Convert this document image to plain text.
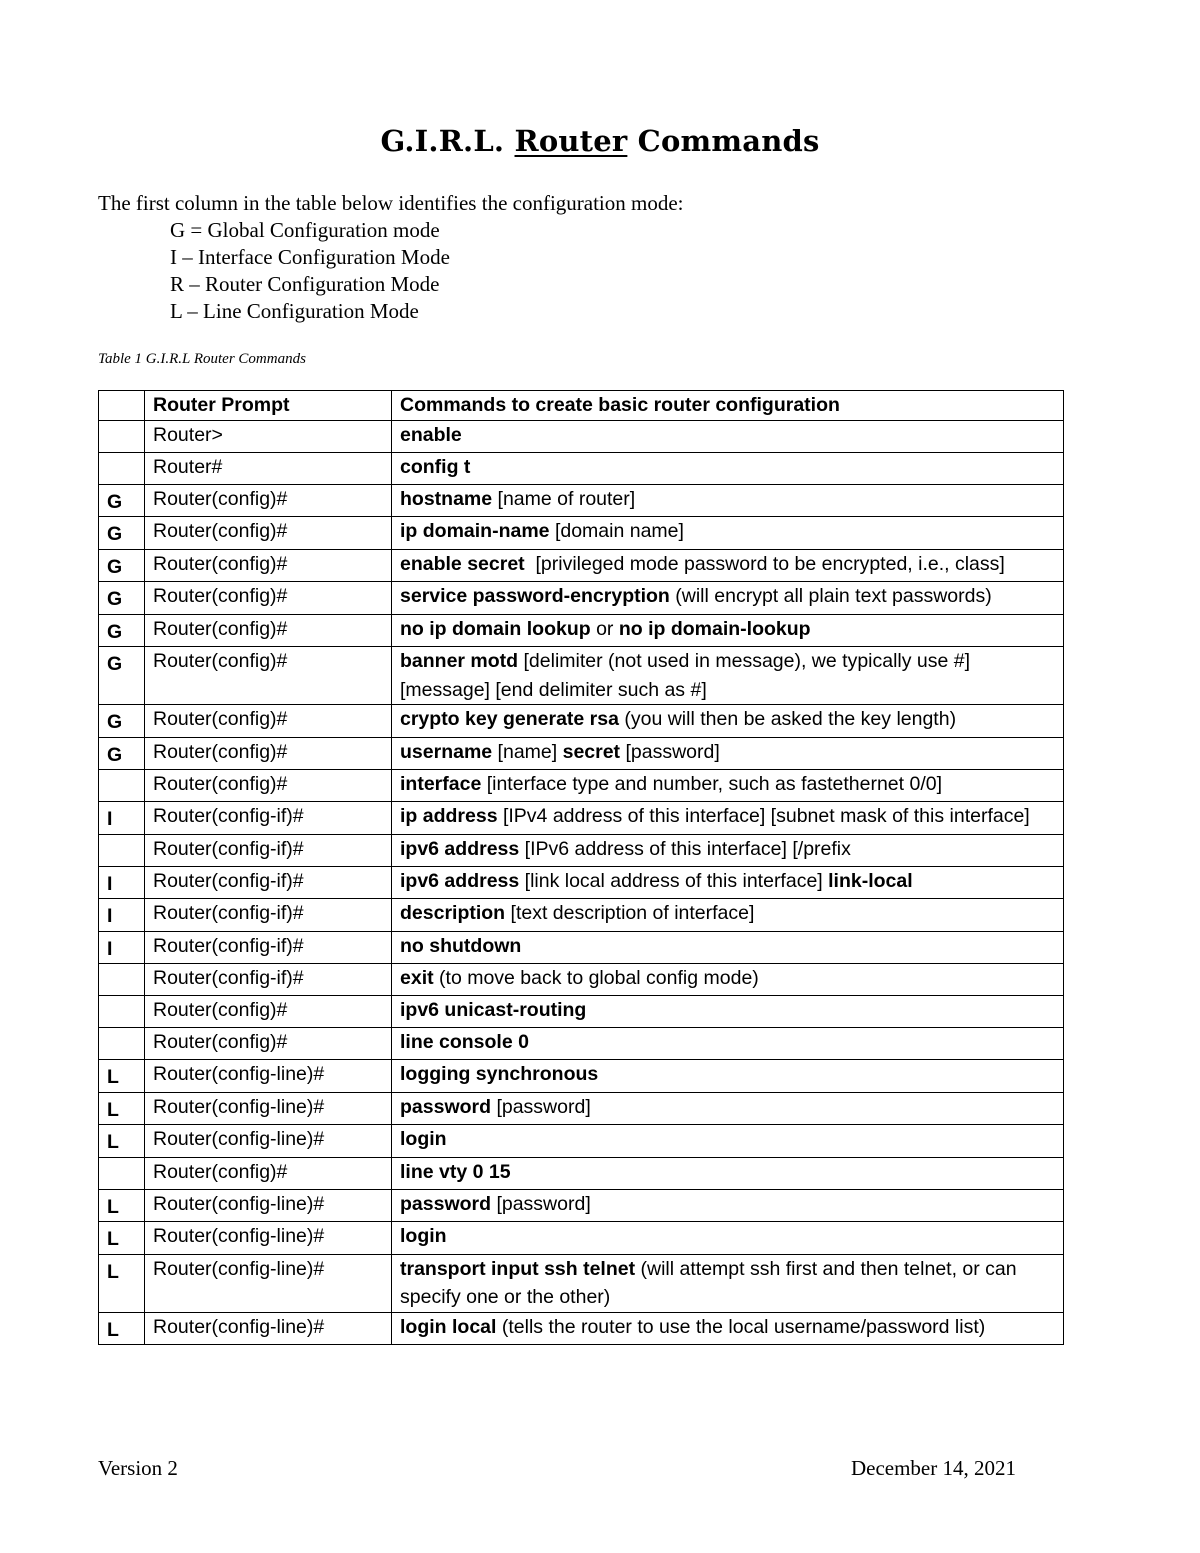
G.I.R.L. Router Commands
The first column in the table below identifies the configuration mode:
G = Global Configuration mode
I – Interface Configuration Mode
R – Router Configuration Mode
L – Line Configuration Mode
Table 1 G.I.R.L Router Commands
	Router Prompt	Commands to create basic router configuration
	Router>	enable
	Router#	config t
G	Router(config)#	hostname [name of router]
G	Router(config)#	ip domain-name [domain name]
G	Router(config)#	enable secret  [privileged mode password to be encrypted, i.e., class]
G	Router(config)#	service password-encryption (will encrypt all plain text passwords)
G	Router(config)#	no ip domain lookup or no ip domain-lookup
G	Router(config)#	banner motd [delimiter (not used in message), we typically use #] [message] [end delimiter such as #]
G	Router(config)#	crypto key generate rsa (you will then be asked the key length)
G	Router(config)#	username [name] secret [password]
	Router(config)#	interface [interface type and number, such as fastethernet 0/0]
I	Router(config-if)#	ip address [IPv4 address of this interface] [subnet mask of this interface]
	Router(config-if)#	ipv6 address [IPv6 address of this interface] [/prefix
I	Router(config-if)#	ipv6 address [link local address of this interface] link-local
I	Router(config-if)#	description [text description of interface]
I	Router(config-if)#	no shutdown
	Router(config-if)#	exit (to move back to global config mode)
	Router(config)#	ipv6 unicast-routing
	Router(config)#	line console 0
L	Router(config-line)#	logging synchronous
L	Router(config-line)#	password [password]
L	Router(config-line)#	login
	Router(config)#	line vty 0 15
L	Router(config-line)#	password [password]
L	Router(config-line)#	login
L	Router(config-line)#	transport input ssh telnet (will attempt ssh first and then telnet, or can specify one or the other)
L	Router(config-line)#	login local (tells the router to use the local username/password list)
Version 2	December 14, 2021
